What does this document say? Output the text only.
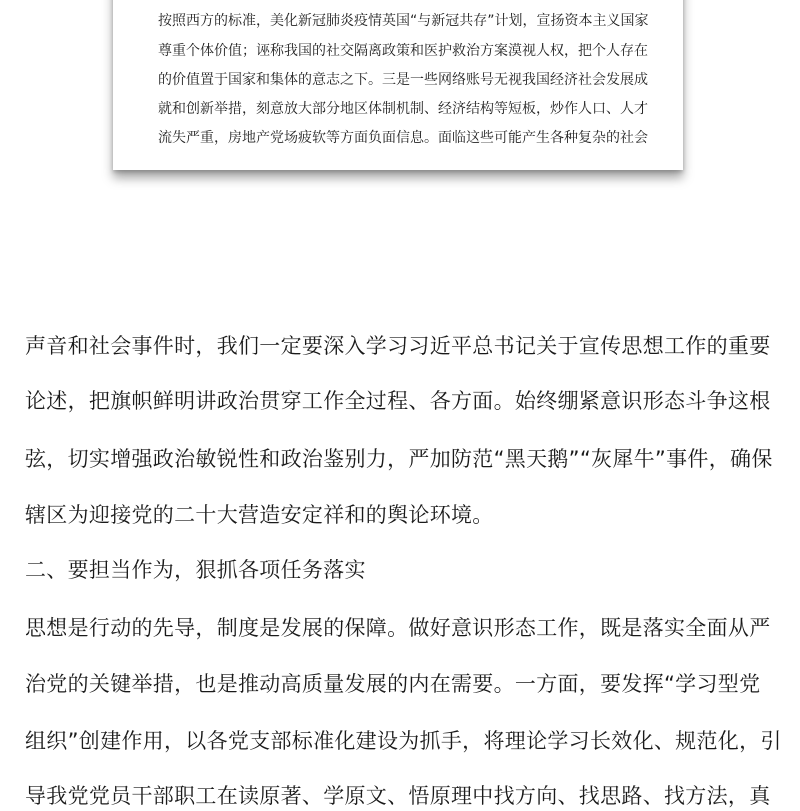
按照西方的标准，美化新冠肺炎疫情英国“与新冠共存”计划，宣扬资本主义国家
尊重个体价值；诬称我国的社交隔离政策和医护救治方案漠视人权，把个人存在
的价值置于国家和集体的意志之下。三是一些网络账号无视我国经济社会发展成
就和创新举措，刻意放大部分地区体制机制、经济结构等短板，炒作人口、人才
流失严重，房地产党场疲软等方面负面信息。面临这些可能产生各种复杂的社会
声音和社会事件时，我们一定要深入学习习近平总书记关于宣传思想工作的重要
论述，把旗帜鲜明讲政治贯穿工作全过程、各方面。始终绷紧意识形态斗争这根
弦，切实增强政治敏锐性和政治鉴别力，严加防范“黑天鹅”“灰犀牛”事件，确保
辖区为迎接党的二十大营造安定祥和的舆论环境。
二、要担当作为，狠抓各项任务落实
思想是行动的先导，制度是发展的保障。做好意识形态工作，既是落实全面从严
治党的关键举措，也是推动高质量发展的内在需要。一方面，要发挥“学习型党
组织”创建作用，以各党支部标准化建设为抓手，将理论学习长效化、规范化，引
导我党党员干部职工在读原著、学原文、悟原理中找方向、找思路、找方法，真
